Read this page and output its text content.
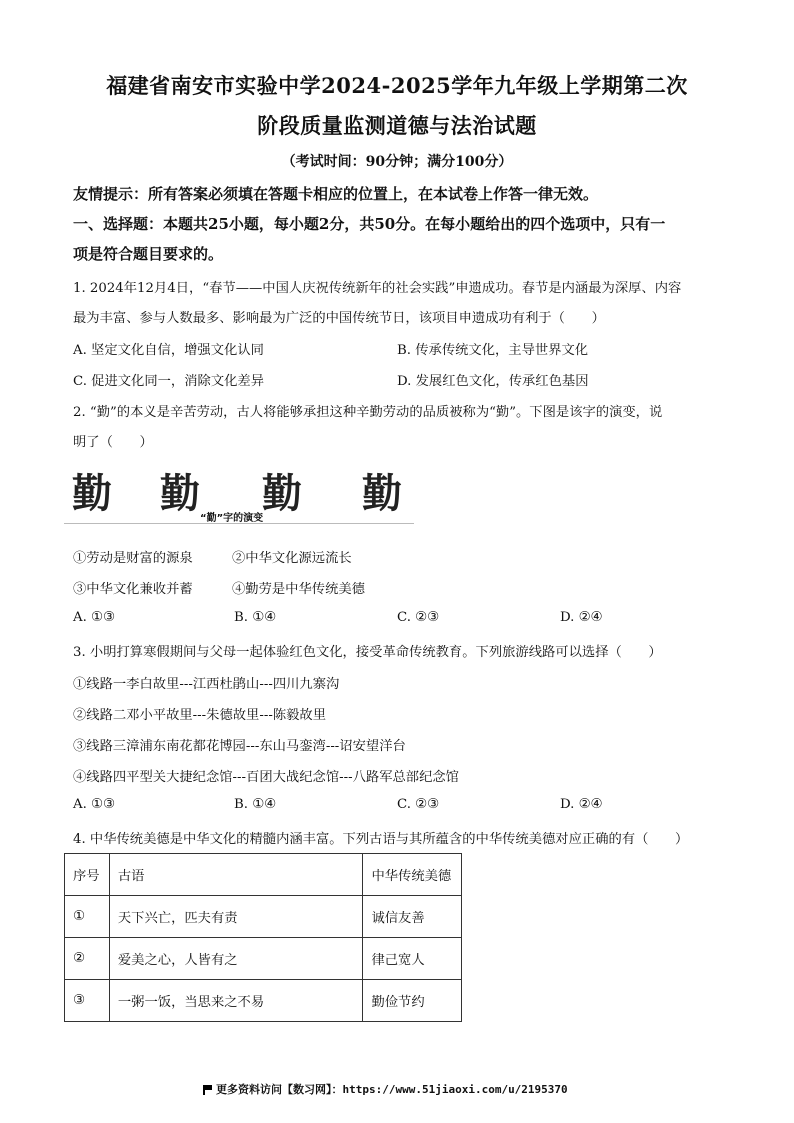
福建省南安市实验中学2024-2025学年九年级上学期第二次
阶段质量监测道德与法治试题
（考试时间：90分钟；满分100分）
友情提示：所有答案必须填在答题卡相应的位置上，在本试卷上作答一律无效。
一、选择题：本题共25小题，每小题2分，共50分。在每小题给出的四个选项中，只有一
项是符合题目要求的。
1. 2024年12月4日，“春节——中国人庆祝传统新年的社会实践”申遗成功。春节是内涵最为深厚、内容
最为丰富、参与人数最多、影响最为广泛的中国传统节日，该项目申遗成功有利于（　　）
A. 坚定文化自信，增强文化认同	B. 传承传统文化，主导世界文化
C. 促进文化同一，消除文化差异	D. 发展红色文化，传承红色基因
2. “勤”的本义是辛苦劳动，古人将能够承担这种辛勤劳动的品质被称为“勤”。下图是该字的演变，说
明了（　　）
勤 勤 勤 勤
“勤”字的演变
①劳动是财富的源泉	②中华文化源远流长
③中华文化兼收并蓄	④勤劳是中华传统美德
A. ①③	B. ①④	C. ②③	D. ②④
3. 小明打算寒假期间与父母一起体验红色文化，接受革命传统教育。下列旅游线路可以选择（　　）
①线路一李白故里---江西杜鹃山---四川九寨沟
②线路二邓小平故里---朱德故里---陈毅故里
③线路三漳浦东南花都花博园---东山马銮湾---诏安望洋台
④线路四平型关大捷纪念馆---百团大战纪念馆---八路军总部纪念馆
A. ①③	B. ①④	C. ②③	D. ②④
4. 中华传统美德是中华文化的精髓内涵丰富。下列古语与其所蕴含的中华传统美德对应正确的有（　　）
序号	古语	中华传统美德
①	天下兴亡，匹夫有责	诚信友善
②	爱美之心，人皆有之	律己宽人
③	一粥一饭，当思来之不易	勤俭节约
更多资料访问【数习网】：https://www.51jiaoxi.com/u/2195370
